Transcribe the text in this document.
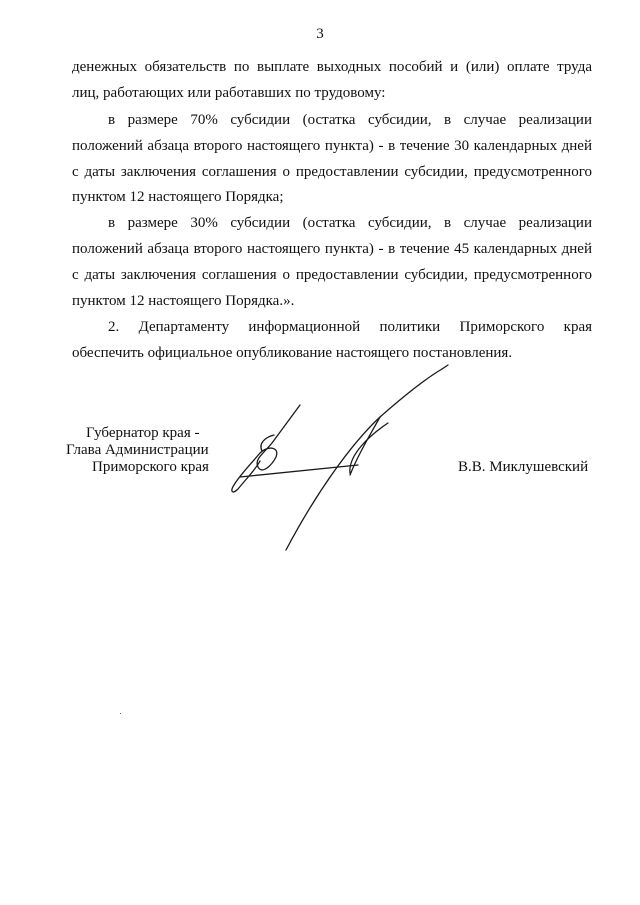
3
денежных обязательств по выплате выходных пособий и (или) оплате труда
лиц, работающих или работавших по трудовому:
в размере 70% субсидии (остатка субсидии, в случае реализации
положений абзаца второго настоящего пункта) - в течение 30 календарных дней
с даты заключения соглашения о предоставлении субсидии, предусмотренного
пунктом 12 настоящего Порядка;
в размере 30% субсидии (остатка субсидии, в случае реализации
положений абзаца второго настоящего пункта) - в течение 45 календарных дней
с даты заключения соглашения о предоставлении субсидии, предусмотренного
пунктом 12 настоящего Порядка.».
2. Департаменту информационной политики Приморского края
обеспечить официальное опубликование настоящего постановления.
Губернатор края -
Глава Администрации
Приморского края	В.В. Миклушевский
